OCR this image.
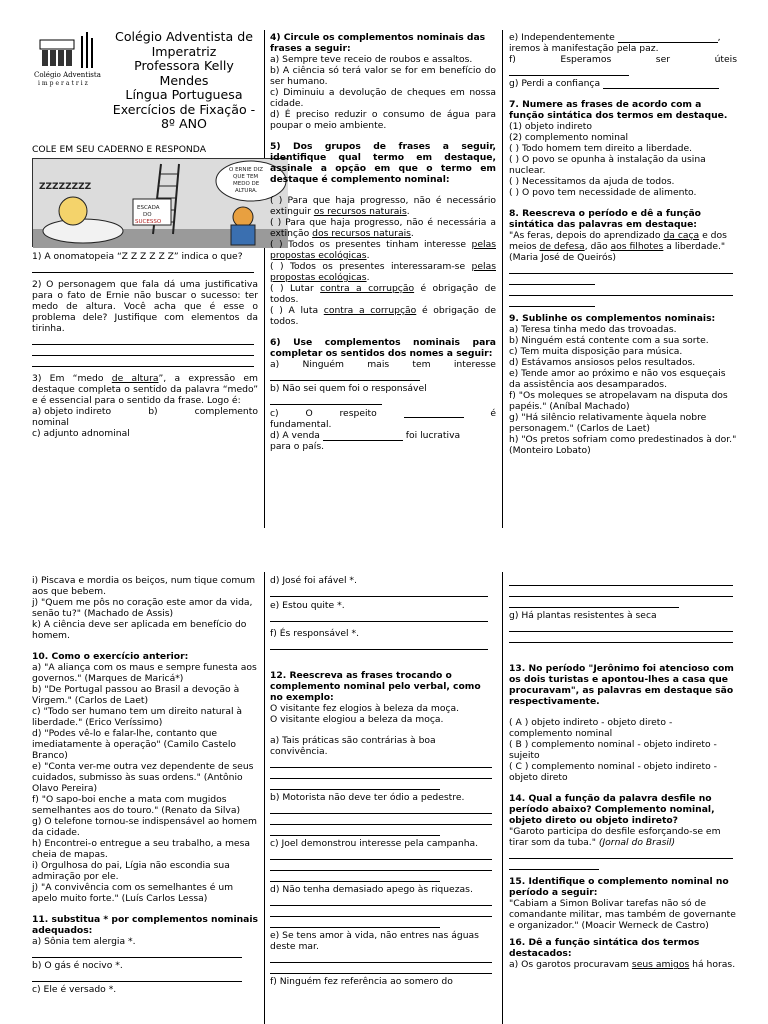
Colégio Adventista
imperatriz
Colégio Adventista de
Imperatriz
Professora Kelly
Mendes
Língua Portuguesa
Exercícios de Fixação -
8º ANO

COLE EM SEU CADERNO E RESPONDA

ZZZZZZZZ
ESCADA
DO
SUCESSO
O ERNIE DIZ
QUE TEM
MEDO DE
ALTURA.

1) A onomatopeia “Z Z Z Z Z Z” indica o que?

2) O personagem que fala dá uma justificativa para o fato de Ernie não buscar o sucesso: ter medo de altura. Você acha que é esse o problema dele? Justifique com elementos da tirinha.

3) Em “medo de altura”, a expressão em destaque completa o sentido da palavra “medo” e é essencial para o sentido da frase. Logo é:

a) objeto indireto	b)	complemento

nominal

c) adjunto adnominal

4) Circule os complementos nominais das frases a seguir:

a) Sempre teve receio de roubos e assaltos.

b) A ciência só terá valor se for em benefício do ser humano.

c) Diminuiu a devolução de cheques em nossa cidade.

d) É preciso reduzir o consumo de água para poupar o meio ambiente.

5) Dos grupos de frases a seguir, identifique qual termo em destaque, assinale a opção em que o termo em destaque é complemento nominal:

( ) Para que haja progresso, não é necessário extinguir os recursos naturais.

( ) Para que haja progresso, não é necessária a extinção dos recursos naturais.

( ) Todos os presentes tinham interesse pelas propostas ecológicas.

( ) Todos os presentes interessaram-se pelas propostas ecológicas.

( ) Lutar contra a corrupção é obrigação de todos.

( ) A luta contra a corrupção é obrigação de todos.

6) Use complementos nominais para completar os sentidos dos nomes a seguir:

a)	Ninguém	mais	tem	interesse

b) Não sei quem foi o responsável

c)	O	respeito	é

fundamental.

d) A venda	foi lucrativa

para o país.

e) Independentemente	,

iremos à manifestação pela paz.

f)	Esperamos	ser	úteis

g) Perdi a confiança

7. Numere as frases de acordo com a função sintática dos termos em destaque.

(1) objeto indireto

(2) complemento nominal

( ) Todo homem tem direito a liberdade.

( ) O povo se opunha à instalação da usina nuclear.

( ) Necessitamos da ajuda de todos.

( ) O povo tem necessidade de alimento.

8. Reescreva o período e dê a função sintática das palavras em destaque:

"As feras, depois do aprendizado da caça e dos meios de defesa, dão aos filhotes a liberdade." (Maria José de Queirós)

9. Sublinhe os complementos nominais:

a) Teresa tinha medo das trovoadas.

b) Ninguém está contente com a sua sorte.

c) Tem muita disposição para música.

d) Estávamos ansiosos pelos resultados.

e) Tende amor ao próximo e não vos esqueçais da assistência aos desamparados.

f) "Os moleques se atropelavam na disputa dos papéis." (Aníbal Machado)

g) "Há silêncio relativamente àquela nobre personagem." (Carlos de Laet)

h) "Os pretos sofriam como predestinados à dor." (Monteiro Lobato)

i) Piscava e mordia os beiços, num tique comum aos que bebem.

j) "Quem me pôs no coração este amor da vida, senão tu?" (Machado de Assis)

k) A ciência deve ser aplicada em benefício do homem.

10. Como o exercício anterior:

a) "A aliança com os maus e sempre funesta aos governos." (Marques de Maricá*)

b) "De Portugal passou ao Brasil a devoção à Virgem." (Carlos de Laet)

c) "Todo ser humano tem um direito natural à liberdade." (Erico Veríssimo)

d) "Podes vê-lo e falar-lhe, contanto que imediatamente à operação" (Camilo Castelo Branco)

e) "Conta ver-me outra vez dependente de seus cuidados, submisso às suas ordens." (Antônio Olavo Pereira)

f) "O sapo-boi enche a mata com mugidos semelhantes aos do touro." (Renato da Silva)

g) O telefone tornou-se indispensável ao homem da cidade.

h) Encontrei-o entregue a seu trabalho, a mesa cheia de mapas.

i) Orgulhosa do pai, Lígia não escondia sua admiração por ele.

j) "A convivência com os semelhantes é um apelo muito forte." (Luís Carlos Lessa)

11. substitua * por complementos nominais adequados:

a) Sônia tem alergia *.

b) O gás é nocivo *.

c) Ele é versado *.

d) José foi afável *.

e) Estou quite *.

f) És responsável *.

12. Reescreva as frases trocando o complemento nominal pelo verbal, como no exemplo:

O visitante fez elogios à beleza da moça.

O visitante elogiou a beleza da moça.

a) Tais práticas são contrárias à boa convivência.

b) Motorista não deve ter ódio a pedestre.

c) Joel demonstrou interesse pela campanha.

d) Não tenha demasiado apego às riquezas.

e) Se tens amor à vida, não entres nas águas deste mar.

f) Ninguém fez referência ao somero do

g) Há plantas resistentes à seca

13. No período "Jerônimo foi atencioso com os dois turistas e apontou-lhes a casa que procuravam", as palavras em destaque são respectivamente.

( A ) objeto indireto - objeto direto - complemento nominal

( B ) complemento nominal - objeto indireto - sujeito

( C ) complemento nominal - objeto indireto - objeto direto

14. Qual a função da palavra desfile no período abaixo? Complemento nominal, objeto direto ou objeto indireto?

"Garoto participa do desfile esforçando-se em tirar som da tuba." (Jornal do Brasil)

15. Identifique o complemento nominal no período a seguir:

"Cabiam a Simon Bolivar tarefas não só de comandante militar, mas também de governante e organizador." (Moacir Werneck de Castro)

16. Dê a função sintática dos termos destacados:

a) Os garotos procuravam seus amigos há horas.
